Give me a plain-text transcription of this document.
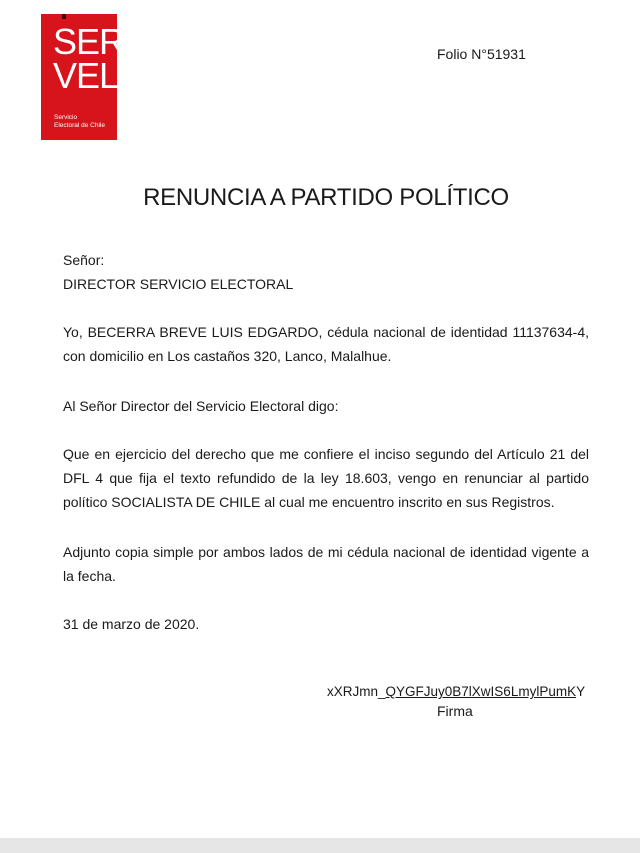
SER
VEL
Servicio
Electoral de Chile
Folio N°51931
RENUNCIA A PARTIDO POLÍTICO
Señor:
DIRECTOR SERVICIO ELECTORAL
Yo, BECERRA BREVE LUIS EDGARDO, cédula nacional de identidad 11137634-4, con domicilio en Los castaños 320, Lanco, Malalhue.
Al Señor Director del Servicio Electoral digo:
Que en ejercicio del derecho que me confiere el inciso segundo del Artículo 21 del DFL 4 que fija el texto refundido de la ley 18.603, vengo en renunciar al partido político SOCIALISTA DE CHILE al cual me encuentro inscrito en sus Registros.
Adjunto copia simple por ambos lados de mi cédula nacional de identidad vigente a la fecha.
31 de marzo de 2020.
xXRJmn_QYGFJuy0B7lXwIS6LmylPumKY
Firma
